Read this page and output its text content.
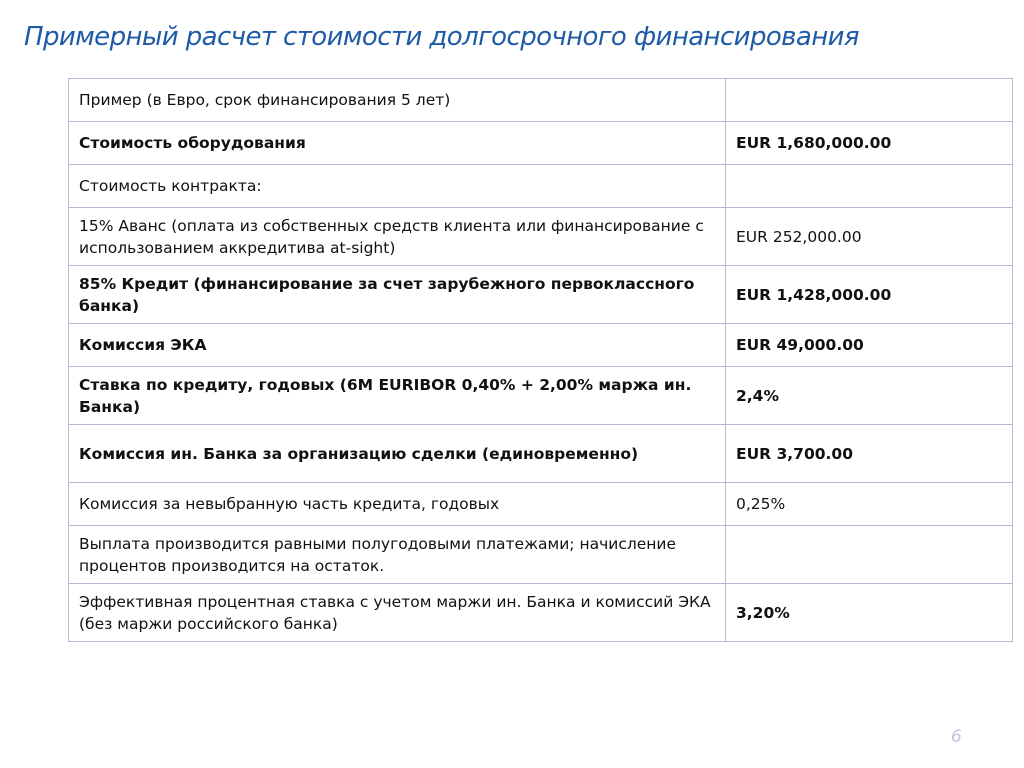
Примерный расчет стоимости долгосрочного финансирования
Пример (в Евро, срок финансирования 5 лет)	
Стоимость оборудования	EUR 1,680,000.00
Стоимость контракта:	
15% Аванс (оплата из собственных средств клиента или финансирование с использованием аккредитива at-sight)	EUR 252,000.00
85% Кредит (финансирование за счет зарубежного первоклассного банка)	EUR 1,428,000.00
Комиссия ЭКА	EUR 49,000.00
Ставка по кредиту, годовых (6M EURIBOR 0,40% + 2,00% маржа ин. Банка)	2,4%
Комиссия ин. Банка за организацию сделки (единовременно)	EUR 3,700.00
Комиссия за невыбранную часть кредита, годовых	0,25%
Выплата производится равными полугодовыми платежами; начисление процентов производится на остаток.	
Эффективная процентная ставка с учетом маржи ин. Банка и комиссий ЭКА (без маржи российского банка)	3,20%
6
